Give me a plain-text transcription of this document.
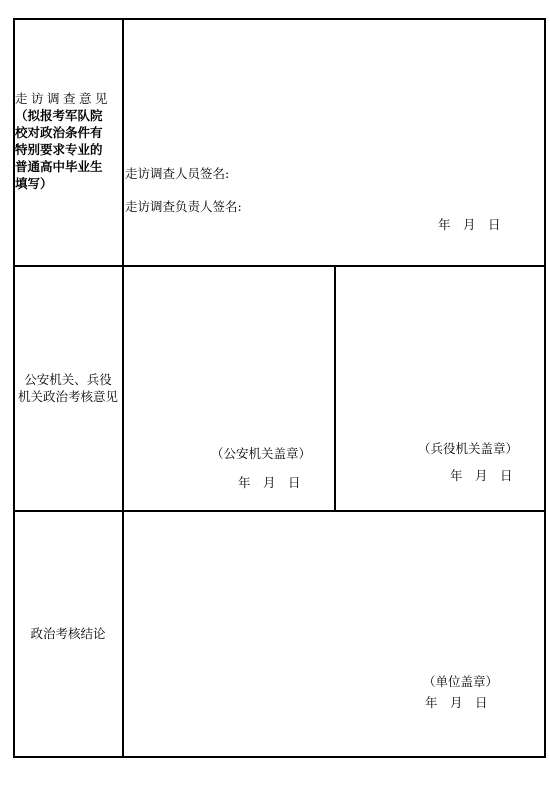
走访调查意见
（拟报考军队院
校对政治条件有
特别要求专业的
普通高中毕业生
填写）
走访调查人员签名:
走访调查负责人签名:
年　月　日
公安机关、兵役
机关政治考核意见
（公安机关盖章）
年　月　日
（兵役机关盖章）
年　月　日
政治考核结论
（单位盖章）
年　月　日
